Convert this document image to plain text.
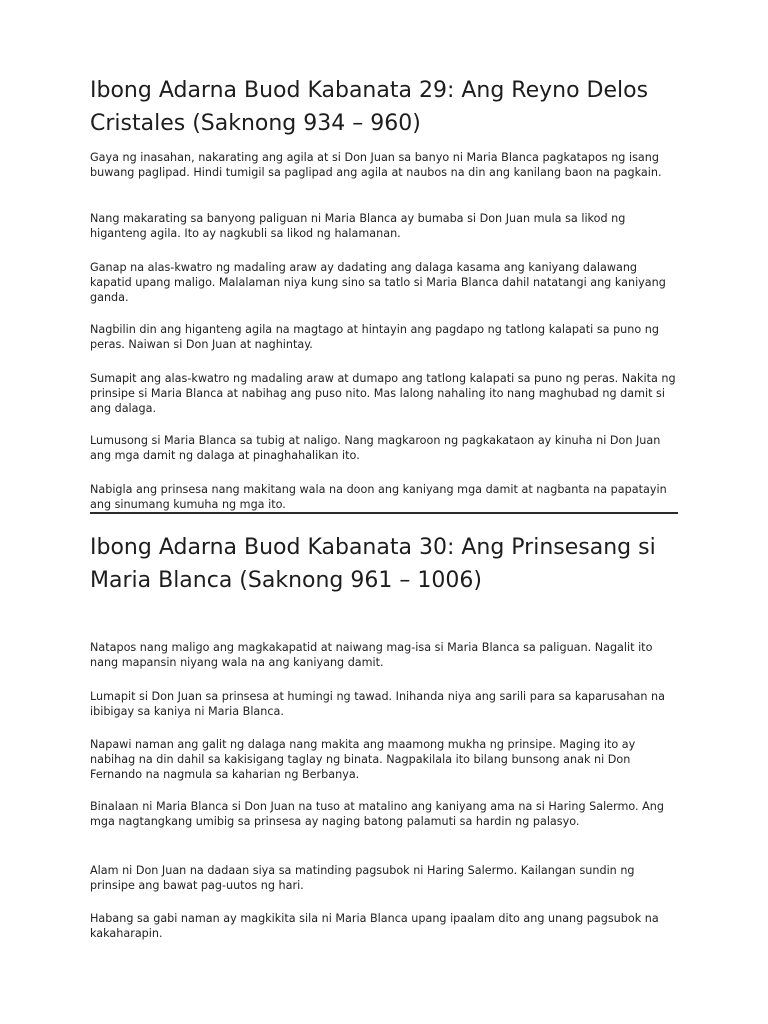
Ibong Adarna Buod Kabanata 29: Ang Reyno Delos Cristales (Saknong 934 – 960)

Gaya ng inasahan, nakarating ang agila at si Don Juan sa banyo ni Maria Blanca pagkatapos ng isang buwang paglipad. Hindi tumigil sa paglipad ang agila at naubos na din ang kanilang baon na pagkain.

Nang makarating sa banyong paliguan ni Maria Blanca ay bumaba si Don Juan mula sa likod ng higanteng agila. Ito ay nagkubli sa likod ng halamanan.

Ganap na alas-kwatro ng madaling araw ay dadating ang dalaga kasama ang kaniyang dalawang kapatid upang maligo. Malalaman niya kung sino sa tatlo si Maria Blanca dahil natatangi ang kaniyang ganda.

Nagbilin din ang higanteng agila na magtago at hintayin ang pagdapo ng tatlong kalapati sa puno ng peras. Naiwan si Don Juan at naghintay.

Sumapit ang alas-kwatro ng madaling araw at dumapo ang tatlong kalapati sa puno ng peras. Nakita ng prinsipe si Maria Blanca at nabihag ang puso nito. Mas lalong nahaling ito nang maghubad ng damit si ang dalaga.

Lumusong si Maria Blanca sa tubig at naligo. Nang magkaroon ng pagkakataon ay kinuha ni Don Juan ang mga damit ng dalaga at pinaghahalikan ito.

Nabigla ang prinsesa nang makitang wala na doon ang kaniyang mga damit at nagbanta na papatayin ang sinumang kumuha ng mga ito.

Ibong Adarna Buod Kabanata 30: Ang Prinsesang si Maria Blanca (Saknong 961 – 1006)

Natapos nang maligo ang magkakapatid at naiwang mag-isa si Maria Blanca sa paliguan. Nagalit ito nang mapansin niyang wala na ang kaniyang damit.

Lumapit si Don Juan sa prinsesa at humingi ng tawad. Inihanda niya ang sarili para sa kaparusahan na ibibigay sa kaniya ni Maria Blanca.

Napawi naman ang galit ng dalaga nang makita ang maamong mukha ng prinsipe. Maging ito ay nabihag na din dahil sa kakisigang taglay ng binata. Nagpakilala ito bilang bunsong anak ni Don Fernando na nagmula sa kaharian ng Berbanya.

Binalaan ni Maria Blanca si Don Juan na tuso at matalino ang kaniyang ama na si Haring Salermo. Ang mga nagtangkang umibig sa prinsesa ay naging batong palamuti sa hardin ng palasyo.

Alam ni Don Juan na dadaan siya sa matinding pagsubok ni Haring Salermo. Kailangan sundin ng prinsipe ang bawat pag-uutos ng hari.

Habang sa gabi naman ay magkikita sila ni Maria Blanca upang ipaalam dito ang unang pagsubok na kakaharapin.
